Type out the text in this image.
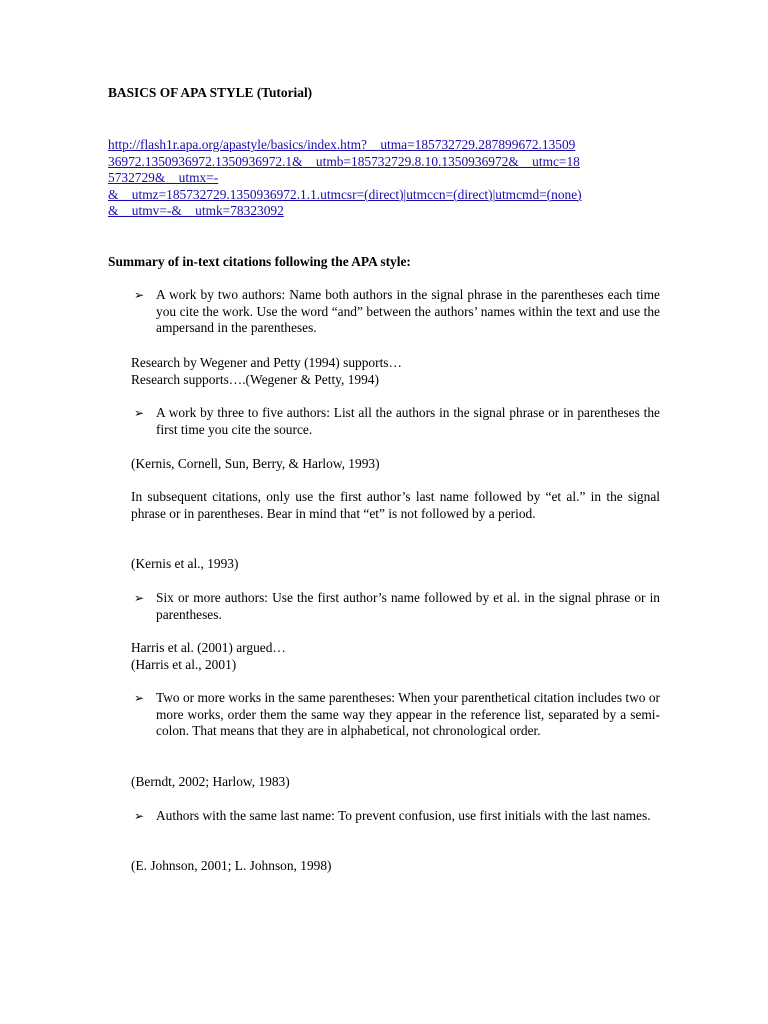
BASICS OF APA STYLE (Tutorial)

http://flash1r.apa.org/apastyle/basics/index.htm?__utma=185732729.287899672.13509
36972.1350936972.1350936972.1&__utmb=185732729.8.10.1350936972&__utmc=18
5732729&__utmx=-
&__utmz=185732729.1350936972.1.1.utmcsr=(direct)|utmccn=(direct)|utmcmd=(none)
&__utmv=-&__utmk=78323092

Summary of in-text citations following the APA style:

➢ A work by two authors: Name both authors in the signal phrase in the parentheses each time you cite the work. Use the word “and” between the authors’ names within the text and use the ampersand in the parentheses.
Research by Wegener and Petty (1994) supports…
Research supports….(Wegener & Petty, 1994)
➢ A work by three to five authors: List all the authors in the signal phrase or in parentheses the first time you cite the source.

(Kernis, Cornell, Sun, Berry, & Harlow, 1993)

In subsequent citations, only use the first author’s last name followed by “et al.” in the signal phrase or in parentheses. Bear in mind that “et” is not followed by a period.

(Kernis et al., 1993)

➢ Six or more authors: Use the first author’s name followed by et al. in the signal phrase or in parentheses.
Harris et al. (2001) argued…
(Harris et al., 2001)
➢ Two or more works in the same parentheses: When your parenthetical citation includes two or more works, order them the same way they appear in the reference list, separated by a semi-colon. That means that they are in alphabetical, not chronological order.

(Berndt, 2002; Harlow, 1983)

➢ Authors with the same last name: To prevent confusion, use first initials with the last names.

(E. Johnson, 2001; L. Johnson, 1998)
